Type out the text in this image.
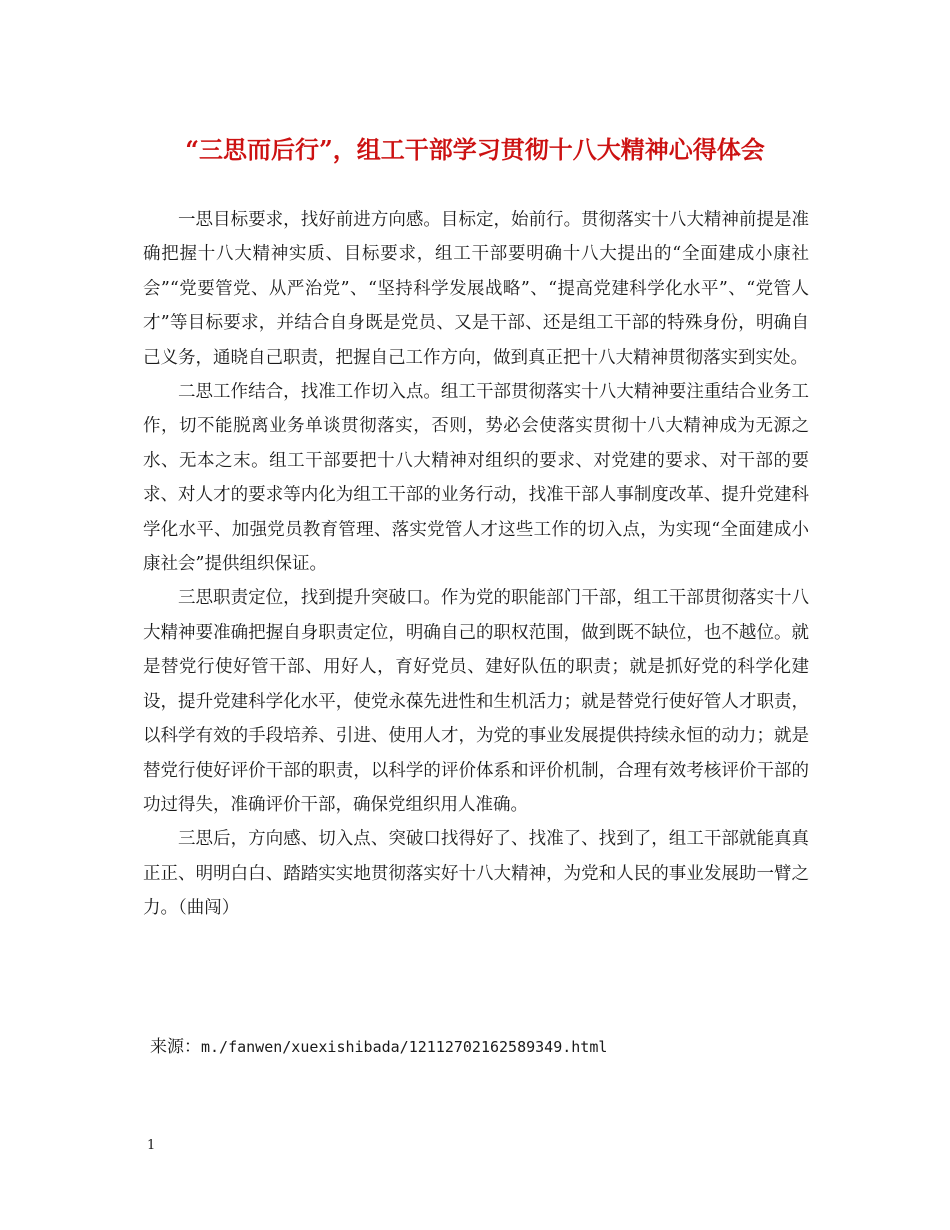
“三思而后行”，组工干部学习贯彻十八大精神心得体会

一思目标要求，找好前进方向感。目标定，始前行。贯彻落实十八大精神前提是准确把握十八大精神实质、目标要求，组工干部要明确十八大提出的“全面建成小康社会”“党要管党、从严治党”、“坚持科学发展战略”、“提高党建科学化水平”、“党管人才”等目标要求，并结合自身既是党员、又是干部、还是组工干部的特殊身份，明确自己义务，通晓自己职责，把握自己工作方向，做到真正把十八大精神贯彻落实到实处。

二思工作结合，找准工作切入点。组工干部贯彻落实十八大精神要注重结合业务工作，切不能脱离业务单谈贯彻落实，否则，势必会使落实贯彻十八大精神成为无源之水、无本之末。组工干部要把十八大精神对组织的要求、对党建的要求、对干部的要求、对人才的要求等内化为组工干部的业务行动，找准干部人事制度改革、提升党建科学化水平、加强党员教育管理、落实党管人才这些工作的切入点，为实现“全面建成小康社会”提供组织保证。

三思职责定位，找到提升突破口。作为党的职能部门干部，组工干部贯彻落实十八大精神要准确把握自身职责定位，明确自己的职权范围，做到既不缺位，也不越位。就是替党行使好管干部、用好人，育好党员、建好队伍的职责；就是抓好党的科学化建设，提升党建科学化水平，使党永葆先进性和生机活力；就是替党行使好管人才职责，以科学有效的手段培养、引进、使用人才，为党的事业发展提供持续永恒的动力；就是替党行使好评价干部的职责，以科学的评价体系和评价机制，合理有效考核评价干部的功过得失，准确评价干部，确保党组织用人准确。

三思后，方向感、切入点、突破口找得好了、找准了、找到了，组工干部就能真真正正、明明白白、踏踏实实地贯彻落实好十八大精神，为党和人民的事业发展助一臂之力。（曲闯）

来源：m./fanwen/xuexishibada/12112702162589349.html
1
